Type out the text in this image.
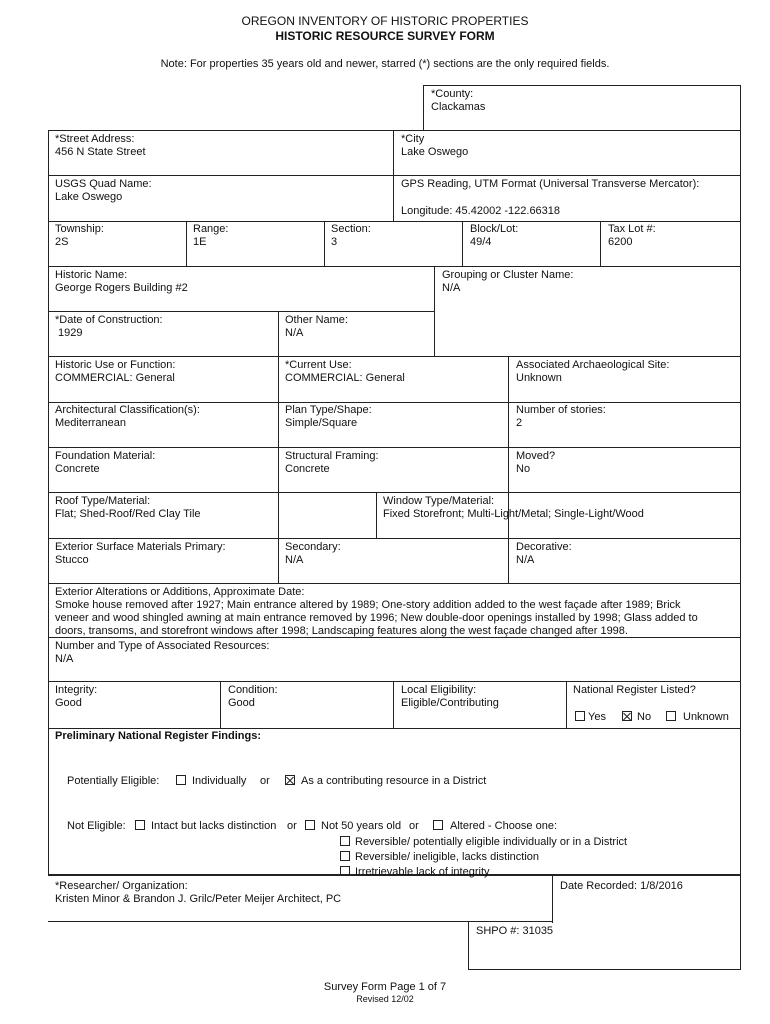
OREGON INVENTORY OF HISTORIC PROPERTIES
HISTORIC RESOURCE SURVEY FORM
Note: For properties 35 years old and newer, starred (*) sections are the only required fields.
*County:
Clackamas
*Street Address:
456 N State Street
*City
Lake Oswego
USGS Quad Name:
Lake Oswego
GPS Reading, UTM Format (Universal Transverse Mercator):
Longitude: 45.42002 -122.66318
Township:
2S
Range:
1E
Section:
3
Block/Lot:
49/4
Tax Lot #:
6200
Historic Name:
George Rogers Building #2
Grouping or Cluster Name:
N/A
*Date of Construction:
1929
Other Name:
N/A
Historic Use or Function:
COMMERCIAL: General
*Current Use:
COMMERCIAL: General
Associated Archaeological Site:
Unknown
Architectural Classification(s):
Mediterranean
Plan Type/Shape:
Simple/Square
Number of stories:
2
Foundation Material:
Concrete
Structural Framing:
Concrete
Moved?
No
Roof Type/Material:
Flat; Shed-Roof/Red Clay Tile
Window Type/Material:
Fixed Storefront; Multi-Light/Metal; Single-Light/Wood
Exterior Surface Materials Primary:
Stucco
Secondary:
N/A
Decorative:
N/A
Exterior Alterations or Additions, Approximate Date:
Smoke house removed after 1927; Main entrance altered by 1989; One-story addition added to the west façade after 1989; Brick
veneer and wood shingled awning at main entrance removed by 1996; New double-door openings installed by 1998; Glass added to
doors, transoms, and storefront windows after 1998; Landscaping features along the west façade changed after 1998.
Number and Type of Associated Resources:
N/A
Integrity:
Good
Condition:
Good
Local Eligibility:
Eligible/Contributing
National Register Listed?
Yes	No	Unknown
Preliminary National Register Findings:
Potentially Eligible:	Individually or	As a contributing resource in a District
Not Eligible: Intact but lacks distinction or Not 50 years old or	Altered - Choose one:
Reversible/ potentially eligible individually or in a District
Reversible/ ineligible, lacks distinction
Irretrievable lack of integrity
*Researcher/ Organization:
Kristen Minor & Brandon J. Grilc/Peter Meijer Architect, PC
Date Recorded: 1/8/2016
SHPO #: 31035
Survey Form Page 1 of 7
Revised 12/02
